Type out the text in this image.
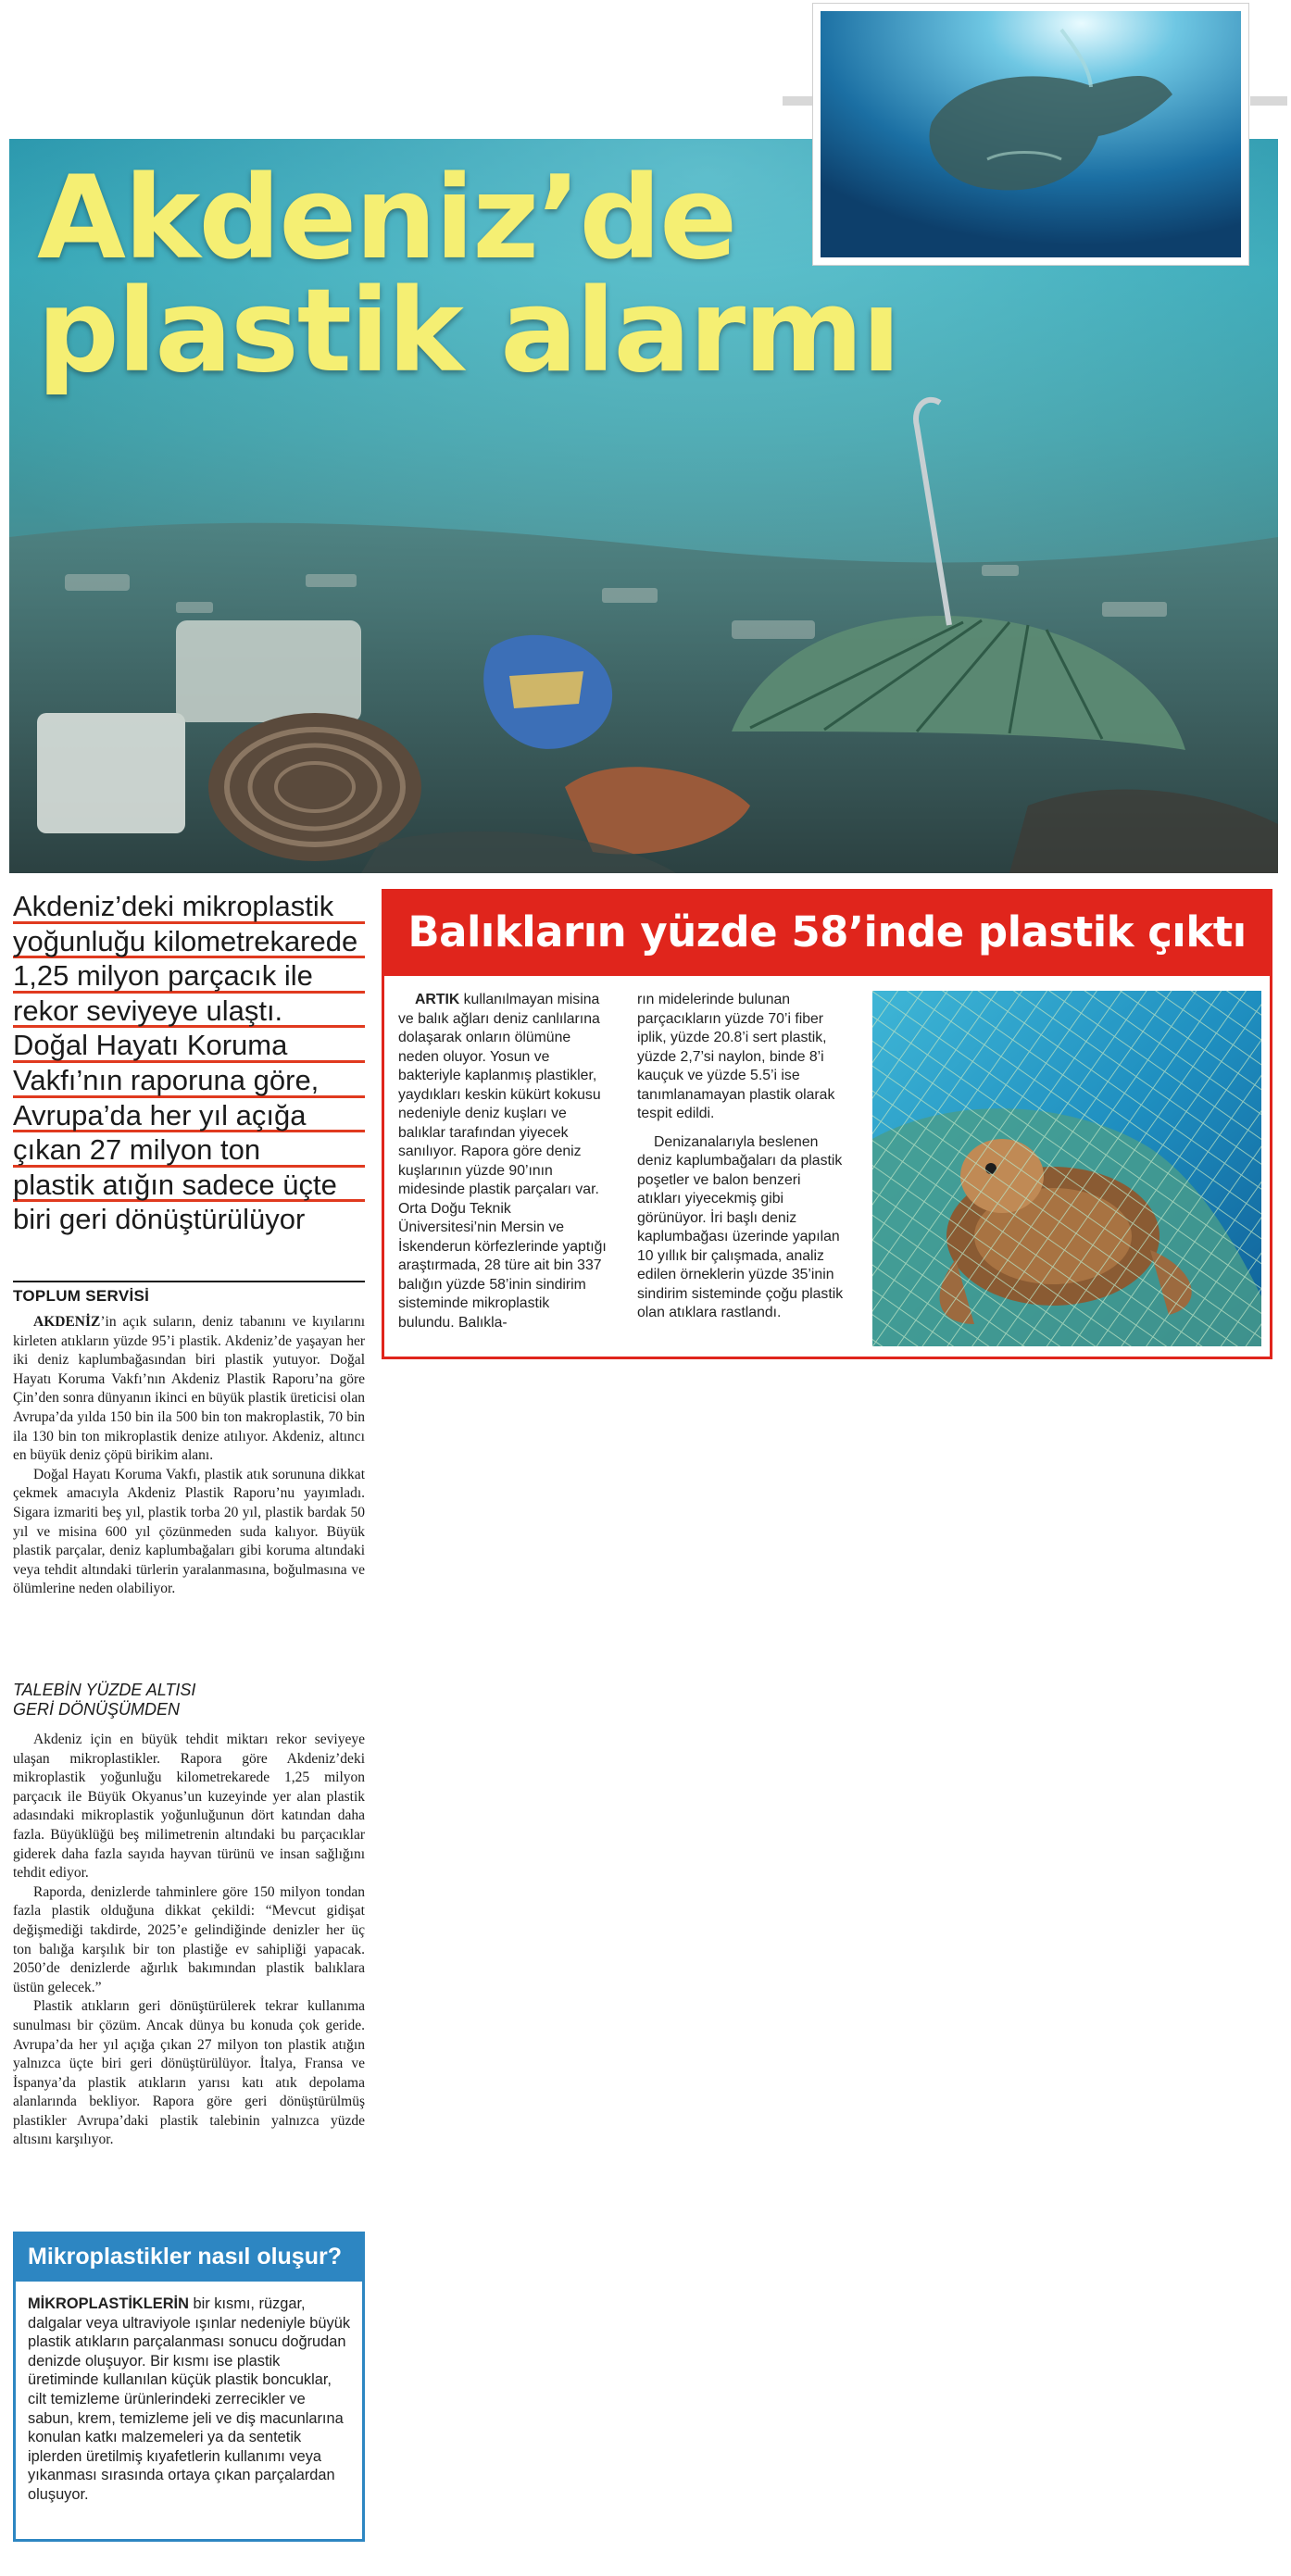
Akdeniz’de
plastik alarmı
Akdeniz’deki mikroplastik
yoğunluğu kilometrekarede
1,25 milyon parçacık ile
rekor seviyeye ulaştı.
Doğal Hayatı Koruma
Vakfı’nın raporuna göre,
Avrupa’da her yıl açığa
çıkan 27 milyon ton
plastik atığın sadece üçte
biri geri dönüştürülüyor
TOPLUM SERVİSİ

AKDENİZ’in açık suların, deniz tabanını ve kıyılarını kirleten atıkların yüzde 95’i plastik. Akdeniz’de yaşayan her iki deniz kaplumbağasından biri plastik yutuyor. Doğal Hayatı Koruma Vakfı’nın Akdeniz Plastik Raporu’na göre Çin’den sonra dünyanın ikinci en büyük plastik üreticisi olan Avrupa’da yılda 150 bin ila 500 bin ton makroplastik, 70 bin ila 130 bin ton mikroplastik denize atılıyor. Akdeniz, altıncı en büyük deniz çöpü birikim alanı.

Doğal Hayatı Koruma Vakfı, plastik atık sorununa dikkat çekmek amacıyla Akdeniz Plastik Raporu’nu yayımladı. Sigara izmariti beş yıl, plastik torba 20 yıl, plastik bardak 50 yıl ve misina 600 yıl çözünmeden suda kalıyor. Büyük plastik parçalar, deniz kaplumbağaları gibi koruma altındaki veya tehdit altındaki türlerin yaralanmasına, boğulmasına ve ölümlerine neden olabiliyor.

TALEBİN YÜZDE ALTISI
GERİ DÖNÜŞÜMDEN

Akdeniz için en büyük tehdit miktarı rekor seviyeye ulaşan mikroplastikler. Rapora göre Akdeniz’deki mikroplastik yoğunluğu kilometrekarede 1,25 milyon parçacık ile Büyük Okyanus’un kuzeyinde yer alan plastik adasındaki mikroplastik yoğunluğunun dört katından daha fazla. Büyüklüğü beş milimetrenin altındaki bu parçacıklar giderek daha fazla sayıda hayvan türünü ve insan sağlığını tehdit ediyor.

Raporda, denizlerde tahminlere göre 150 milyon tondan fazla plastik olduğuna dikkat çekildi: “Mevcut gidişat değişmediği takdirde, 2025’e gelindiğinde denizler her üç ton balığa karşılık bir ton plastiğe ev sahipliği yapacak. 2050’de denizlerde ağırlık bakımından plastik balıklara üstün gelecek.”

Plastik atıkların geri dönüştürülerek tekrar kullanıma sunulması bir çözüm. Ancak dünya bu konuda çok geride. Avrupa’da her yıl açığa çıkan 27 milyon ton plastik atığın yalnızca üçte biri geri dönüştürülüyor. İtalya, Fransa ve İspanya’da plastik atıkların yarısı katı atık depolama alanlarında bekliyor. Rapora göre geri dönüştürülmüş plastikler Avrupa’daki plastik talebinin yalnızca yüzde altısını karşılıyor.

Mikroplastikler nasıl oluşur?

MİKROPLASTİKLERİN bir kısmı, rüzgar, dalgalar veya ultraviyole ışınlar nedeniyle büyük plastik atıkların parçalanması sonucu doğrudan denizde oluşuyor. Bir kısmı ise plastik üretiminde kullanılan küçük plastik boncuklar, cilt temizleme ürünlerindeki zerrecikler ve sabun, krem, temizleme jeli ve diş macunlarına konulan katkı malzemeleri ya da sentetik iplerden üretilmiş kıyafetlerin kullanımı veya yıkanması sırasında ortaya çıkan parçalardan oluşuyor.

Balıkların yüzde 58’inde plastik çıktı

ARTIK kullanılmayan misina ve balık ağları deniz canlılarına dolaşarak onların ölümüne neden oluyor. Yosun ve bakteriyle kaplanmış plastikler, yaydıkları keskin kükürt kokusu nedeniyle deniz kuşları ve balıklar tarafından yiyecek sanılıyor. Rapora göre deniz kuşlarının yüzde 90’ının midesinde plastik parçaları var. Orta Doğu Teknik Üniversitesi’nin Mersin ve İskenderun körfezlerinde yaptığı araştırmada, 28 türe ait bin 337 balığın yüzde 58’inin sindirim sisteminde mikroplastik bulundu. Balıkla-

rın midelerinde bulunan parçacıkların yüzde 70’i fiber iplik, yüzde 20.8’i sert plastik, yüzde 2,7’si naylon, binde 8’i kauçuk ve yüzde 5.5’i ise tanımlanamayan plastik olarak tespit edildi.

Denizanalarıyla beslenen deniz kaplumbağaları da plastik poşetler ve balon benzeri atıkları yiyecekmiş gibi görünüyor. İri başlı deniz kaplumbağası üzerinde yapılan 10 yıllık bir çalışmada, analiz edilen örneklerin yüzde 35’inin sindirim sisteminde çoğu plastik olan atıklara rastlandı.
